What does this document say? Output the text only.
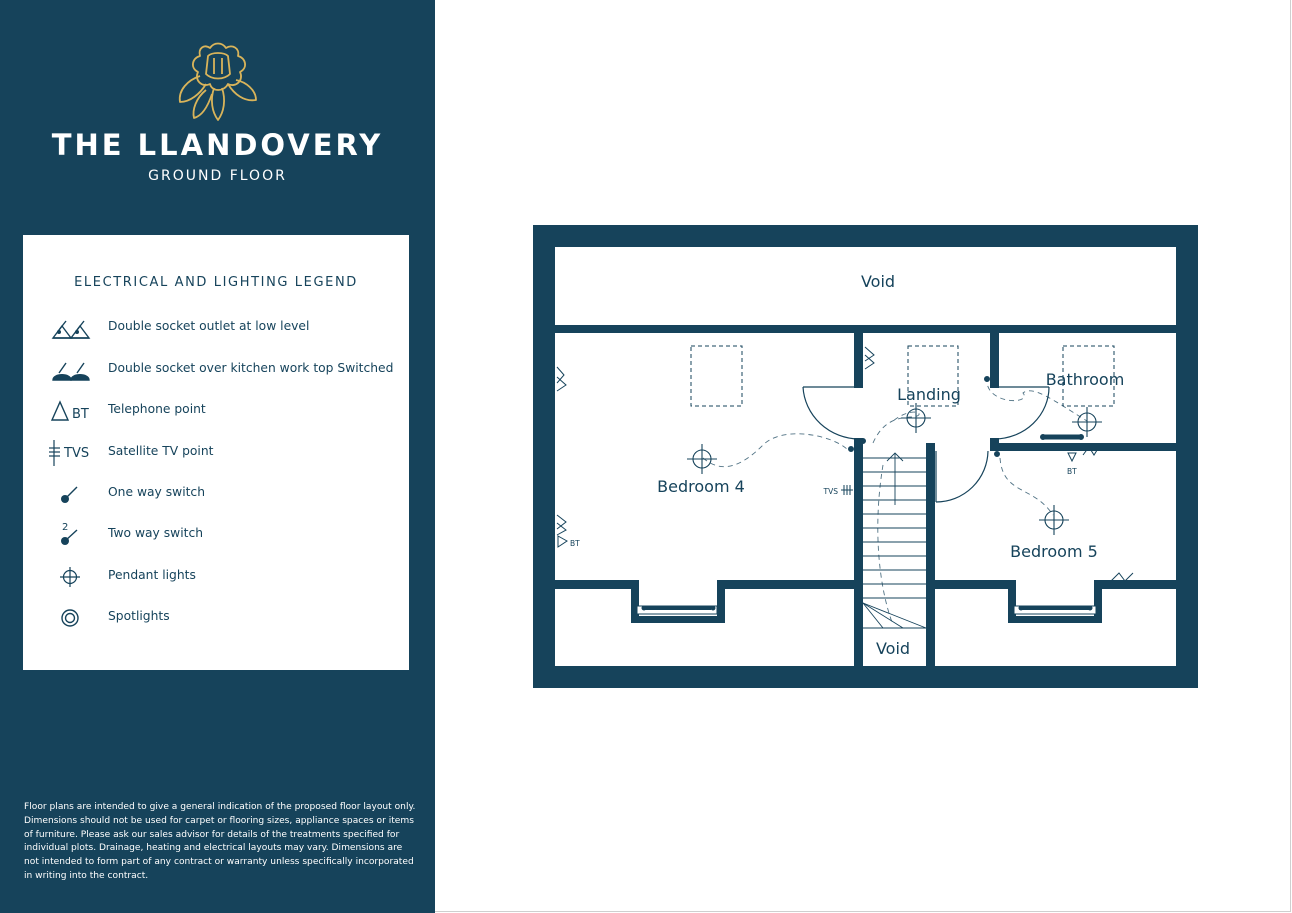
THE LLANDOVERY
GROUND FLOOR
ELECTRICAL AND LIGHTING LEGEND
Double socket outlet at low level
Double socket over kitchen work top Switched
BT Telephone point
TVS Satellite TV point
One way switch
2	Two way switch
Pendant lights
Spotlights
Floor plans are intended to give a general indication of the proposed floor layout only. Dimensions should not be used for carpet or flooring sizes, appliance spaces or items of furniture. Please ask our sales advisor for details of the treatments specified for individual plots. Drainage, heating and electrical layouts may vary. Dimensions are not intended to form part of any contract or warranty unless specifically incorporated in writing into the contract.
Void
Landing
Bathroom
Bedroom 4
Bedroom 5
Void
TVS
BT
BT
